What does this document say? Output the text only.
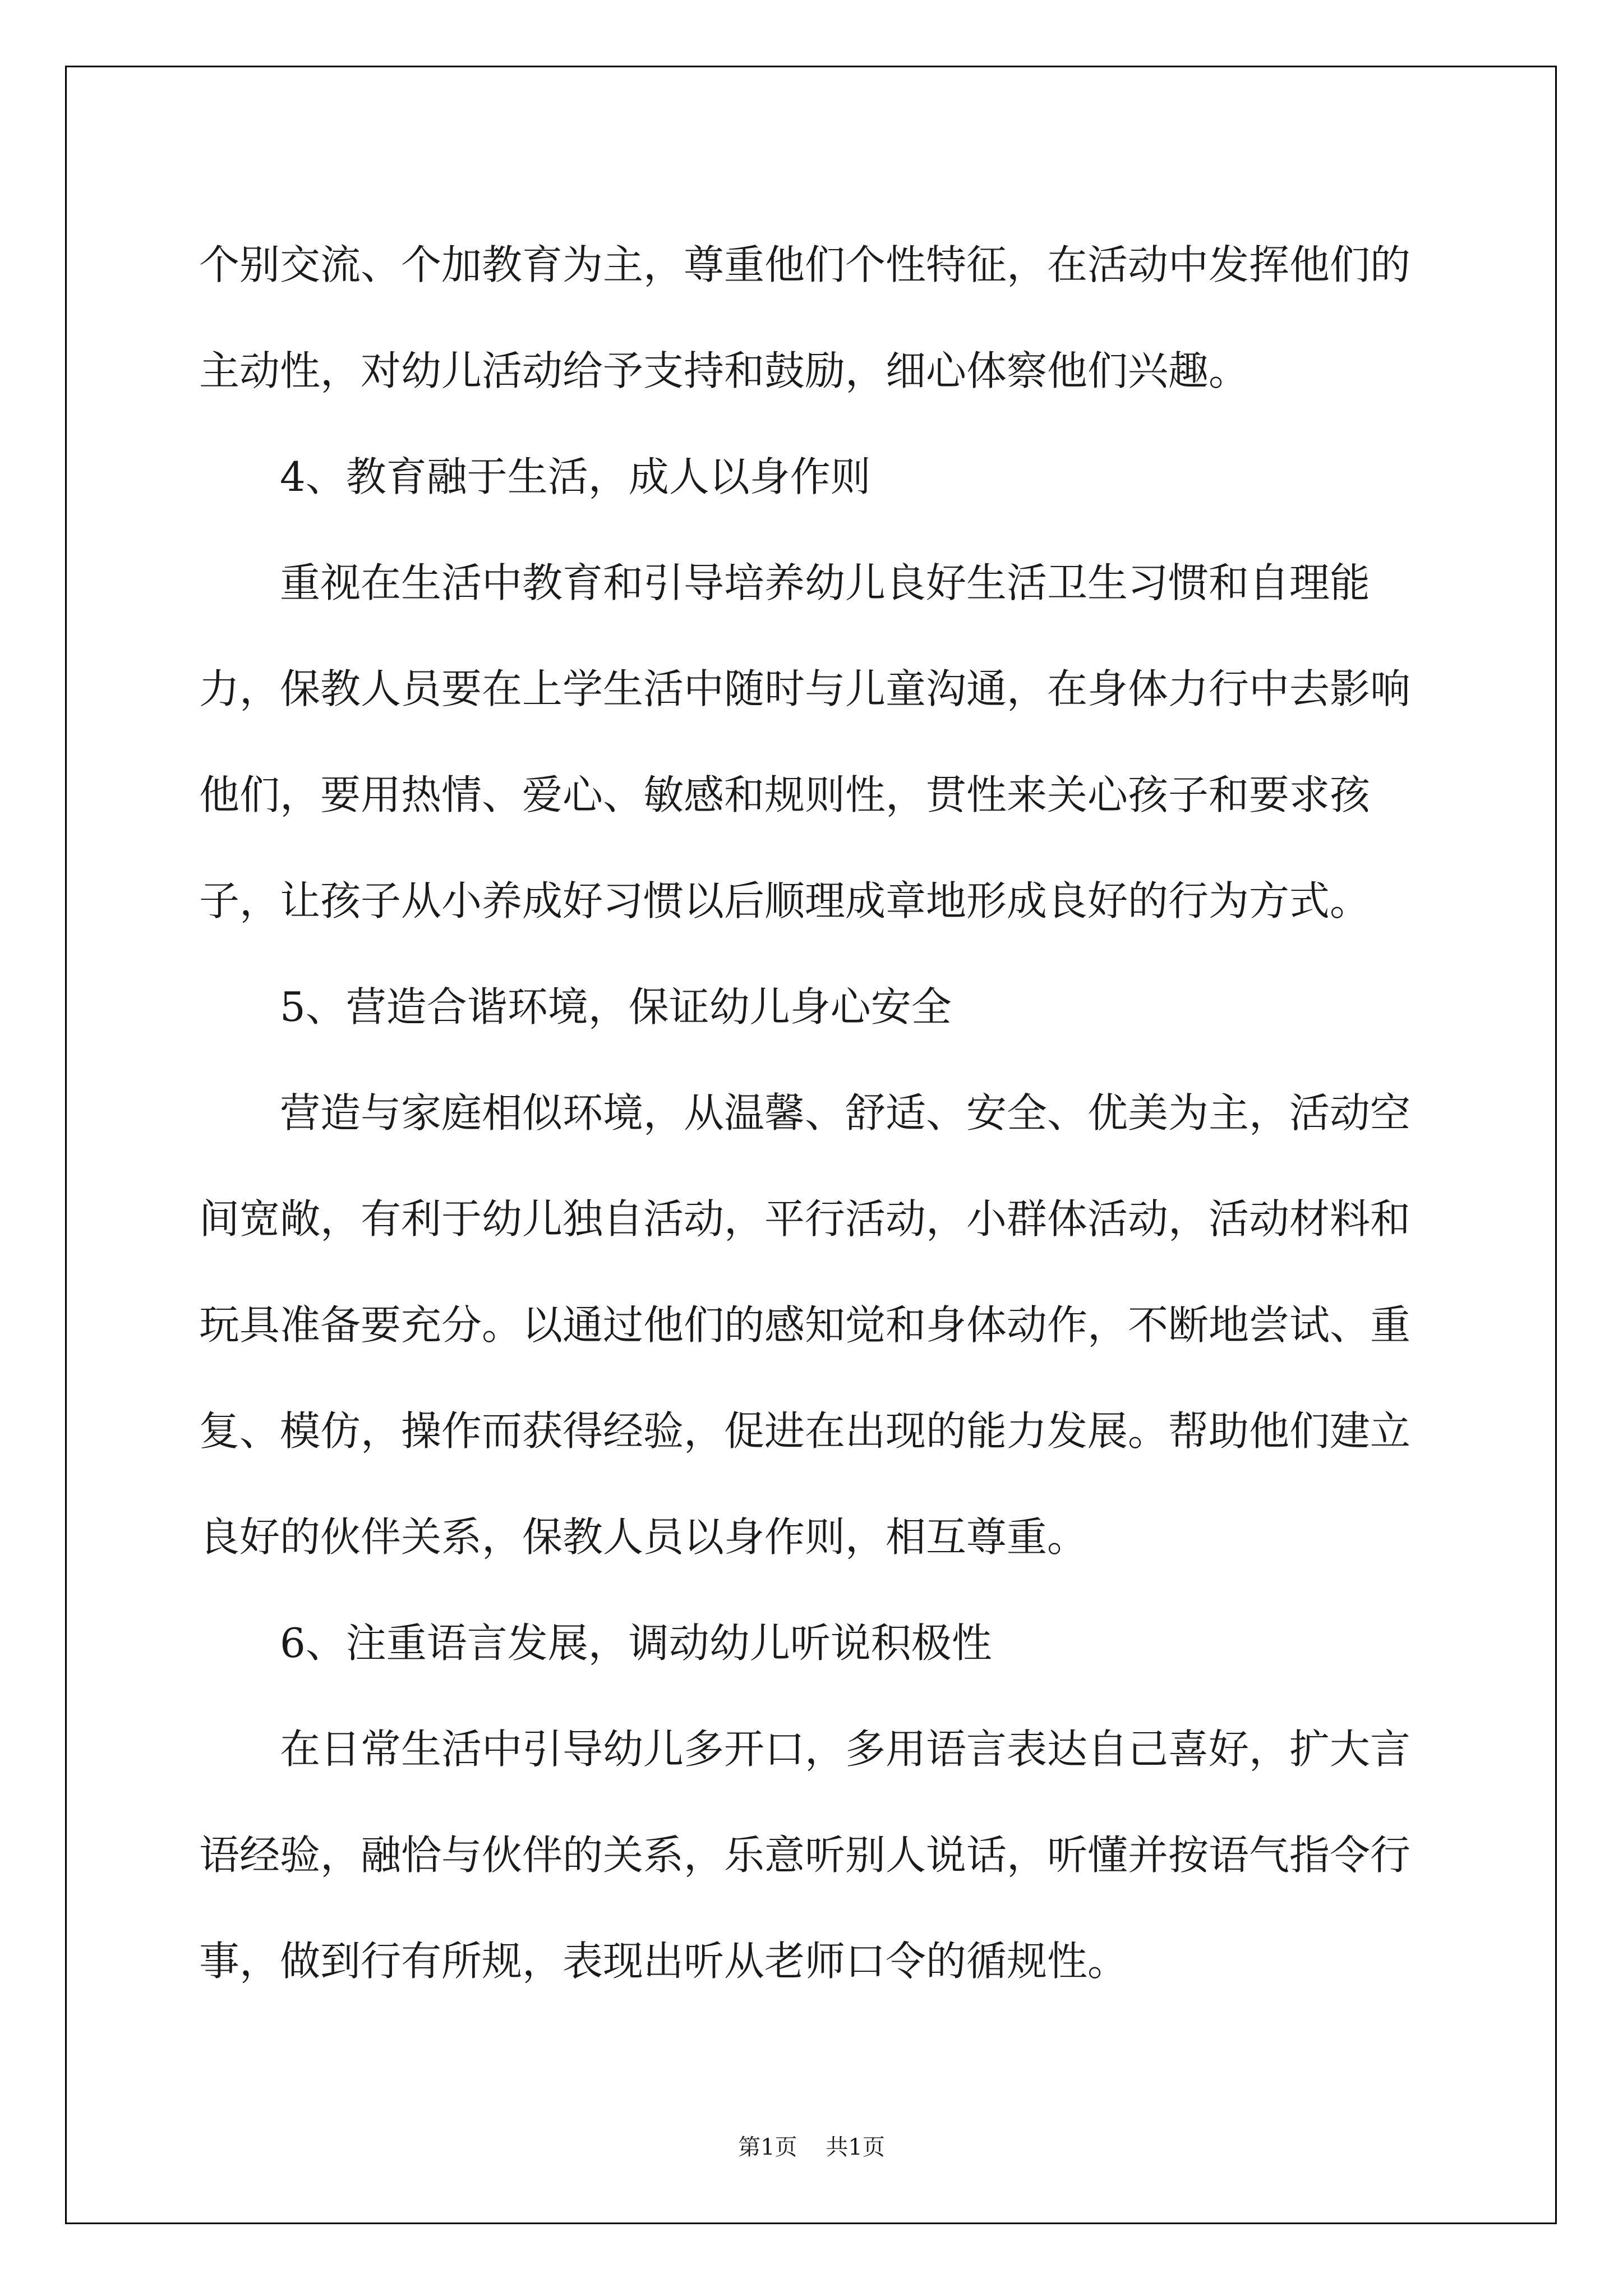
个别交流、个加教育为主，尊重他们个性特征，在活动中发挥他们的主动性，对幼儿活动给予支持和鼓励，细心体察他们兴趣。

4、教育融于生活，成人以身作则

重视在生活中教育和引导培养幼儿良好生活卫生习惯和自理能力，保教人员要在上学生活中随时与儿童沟通，在身体力行中去影响他们，要用热情、爱心、敏感和规则性，贯性来关心孩子和要求孩子，让孩子从小养成好习惯以后顺理成章地形成良好的行为方式。

5、营造合谐环境，保证幼儿身心安全

营造与家庭相似环境，从温馨、舒适、安全、优美为主，活动空间宽敞，有利于幼儿独自活动，平行活动，小群体活动，活动材料和玩具准备要充分。以通过他们的感知觉和身体动作，不断地尝试、重复、模仿，操作而获得经验，促进在出现的能力发展。帮助他们建立良好的伙伴关系，保教人员以身作则，相互尊重。

6、注重语言发展，调动幼儿听说积极性

在日常生活中引导幼儿多开口，多用语言表达自己喜好，扩大言语经验，融恰与伙伴的关系，乐意听别人说话，听懂并按语气指令行事，做到行有所规，表现出听从老师口令的循规性。

第1页 共1页
